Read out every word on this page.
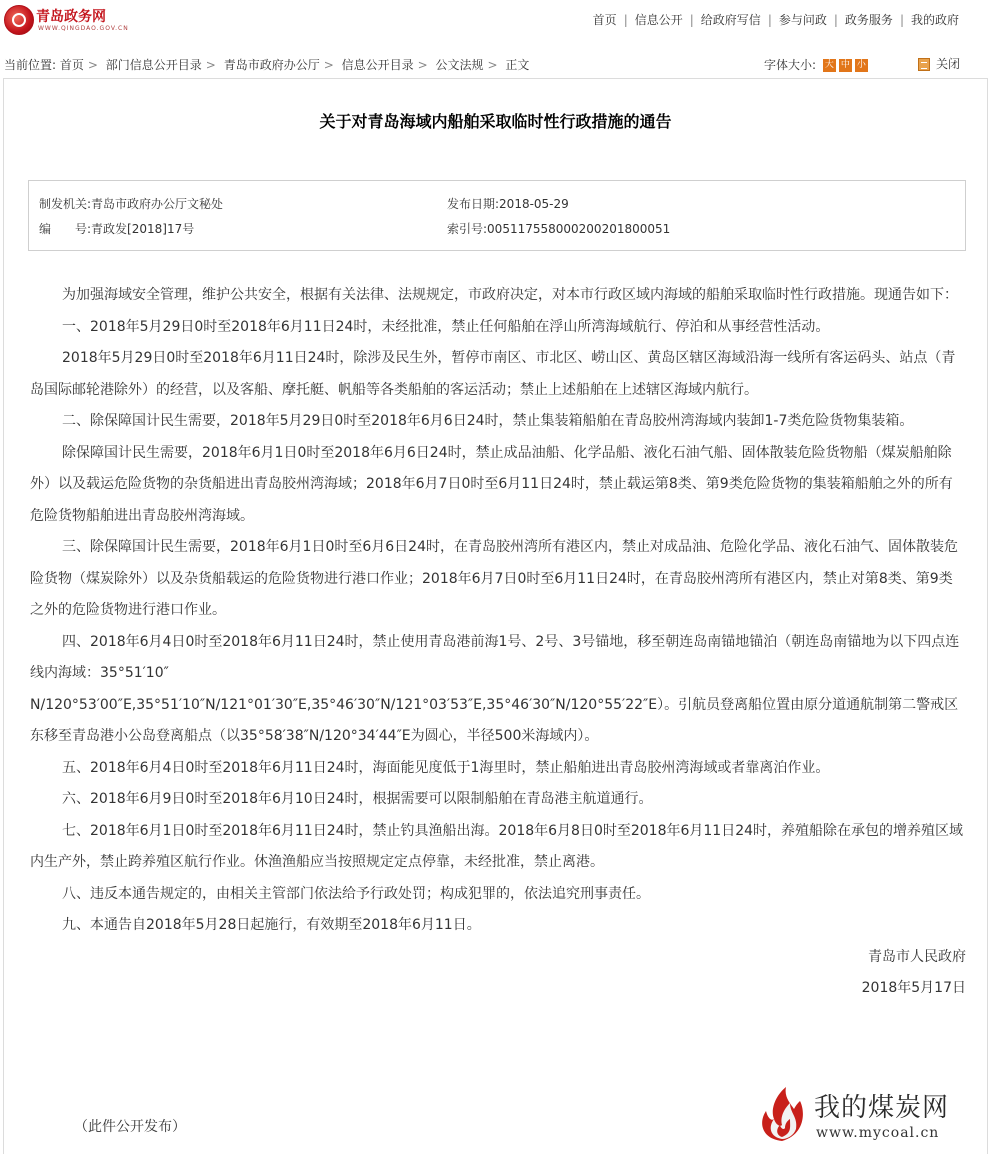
青岛政务网
WWW.QINGDAO.GOV.CN
首页 | 信息公开 | 给政府写信 | 参与问政 | 政务服务 | 我的政府
当前位置: 首页 > 部门信息公开目录 > 青岛市政府办公厅 > 信息公开目录 > 公文法规 > 正文	字体大小: 大 中 小	关闭
关于对青岛海域内船舶采取临时性行政措施的通告
制发机关:青岛市政府办公厅文秘处	发布日期:2018-05-29
编　　号:青政发[2018]17号	索引号:005117558000200201800051

为加强海域安全管理，维护公共安全，根据有关法律、法规规定，市政府决定，对本市行政区域内海域的船舶采取临时性行政措施。现通告如下：

一、2018年5月29日0时至2018年6月11日24时，未经批准，禁止任何船舶在浮山所湾海域航行、停泊和从事经营性活动。

2018年5月29日0时至2018年6月11日24时，除涉及民生外，暂停市南区、市北区、崂山区、黄岛区辖区海域沿海一线所有客运码头、站点（青岛国际邮轮港除外）的经营，以及客船、摩托艇、帆船等各类船舶的客运活动；禁止上述船舶在上述辖区海域内航行。

二、除保障国计民生需要，2018年5月29日0时至2018年6月6日24时，禁止集装箱船舶在青岛胶州湾海域内装卸1-7类危险货物集装箱。

除保障国计民生需要，2018年6月1日0时至2018年6月6日24时，禁止成品油船、化学品船、液化石油气船、固体散装危险货物船（煤炭船舶除外）以及载运危险货物的杂货船进出青岛胶州湾海域；2018年6月7日0时至6月11日24时，禁止载运第8类、第9类危险货物的集装箱船舶之外的所有危险货物船舶进出青岛胶州湾海域。

三、除保障国计民生需要，2018年6月1日0时至6月6日24时，在青岛胶州湾所有港区内，禁止对成品油、危险化学品、液化石油气、固体散装危险货物（煤炭除外）以及杂货船载运的危险货物进行港口作业；2018年6月7日0时至6月11日24时，在青岛胶州湾所有港区内，禁止对第8类、第9类之外的危险货物进行港口作业。

四、2018年6月4日0时至2018年6月11日24时，禁止使用青岛港前海1号、2号、3号锚地，移至朝连岛南锚地锚泊（朝连岛南锚地为以下四点连线内海域：35°51′10″

N/120°53′00″E,35°51′10″N/121°01′30″E,35°46′30″N/121°03′53″E,35°46′30″N/120°55′22″E）。引航员登离船位置由原分道通航制第二警戒区东移至青岛港小公岛登离船点（以35°58′38″N/120°34′44″E为圆心，半径500米海域内）。

五、2018年6月4日0时至2018年6月11日24时，海面能见度低于1海里时，禁止船舶进出青岛胶州湾海域或者靠离泊作业。

六、2018年6月9日0时至2018年6月10日24时，根据需要可以限制船舶在青岛港主航道通行。

七、2018年6月1日0时至2018年6月11日24时，禁止钓具渔船出海。2018年6月8日0时至2018年6月11日24时，养殖船除在承包的增养殖区域内生产外，禁止跨养殖区航行作业。休渔渔船应当按照规定定点停靠，未经批准，禁止离港。

八、违反本通告规定的，由相关主管部门依法给予行政处罚；构成犯罪的，依法追究刑事责任。

九、本通告自2018年5月28日起施行，有效期至2018年6月11日。

青岛市人民政府
2018年5月17日
（此件公开发布）
我的煤炭网
www.mycoal.cn
